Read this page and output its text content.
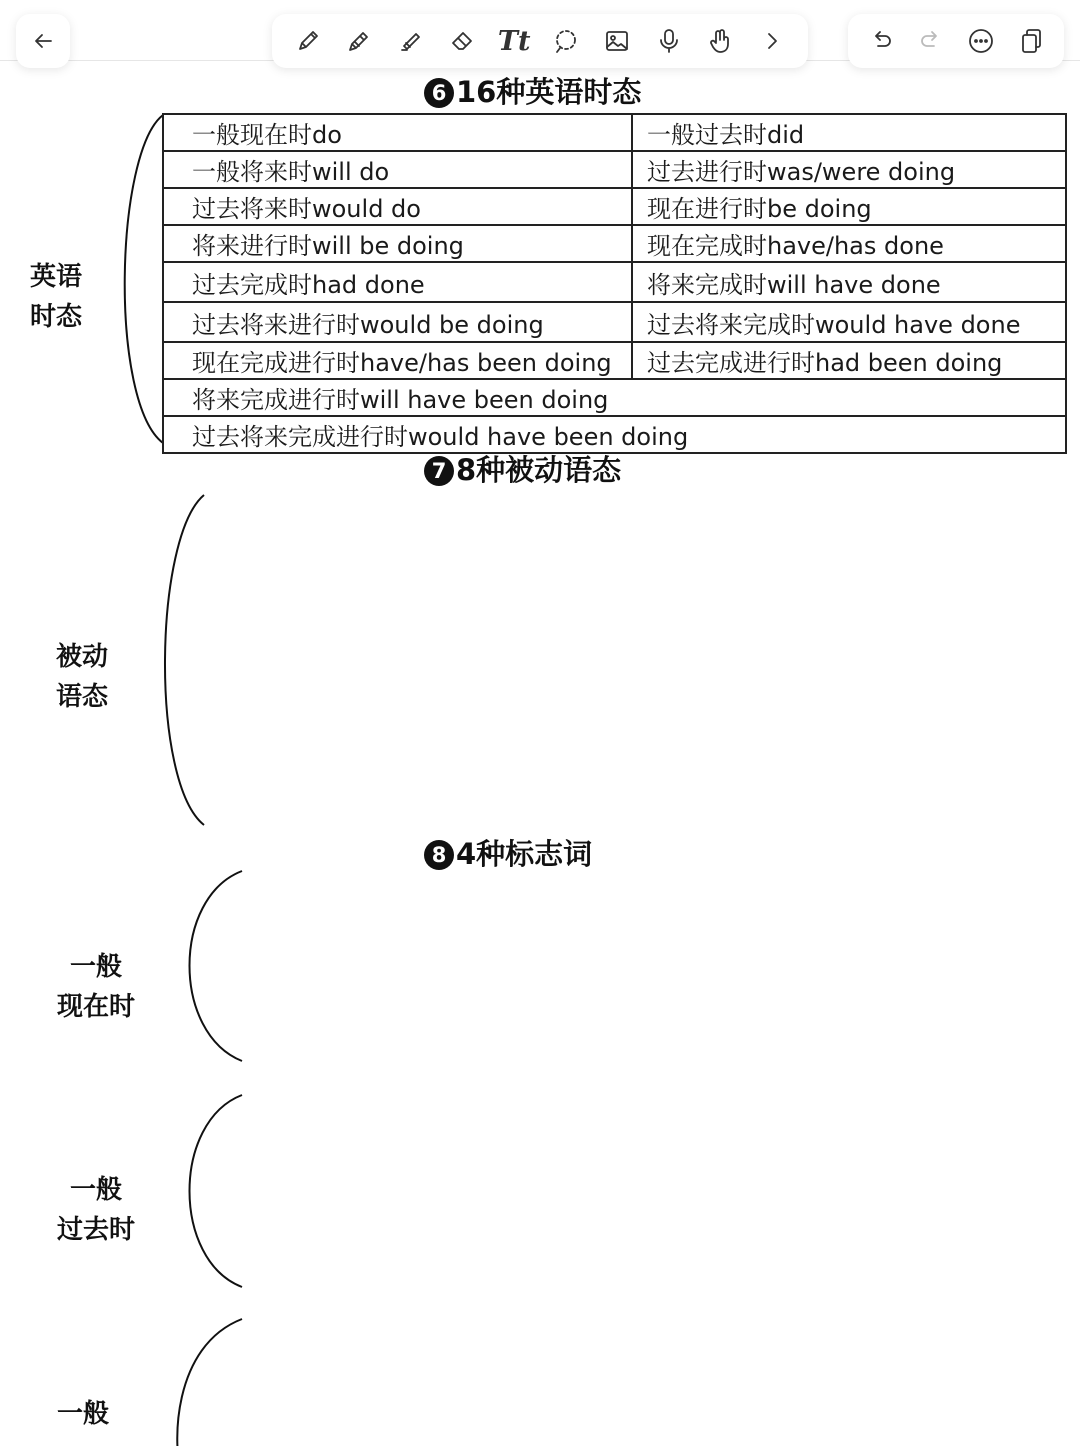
Tt
6 16种英语时态
英语
时态
一般现在时do	一般过去时did
一般将来时will do	过去进行时was/were doing
过去将来时would do	现在进行时be doing
将来进行时will be doing	现在完成时have/has done
过去完成时had done	将来完成时will have done
过去将来进行时would be doing	过去将来完成时would have done
现在完成进行时have/has been doing	过去完成进行时had been doing
将来完成进行时will have been doing	
过去将来完成进行时would have been doing	
7 8种被动语态
被动
语态
8 4种标志词
一般
现在时
一般
过去时
一般
